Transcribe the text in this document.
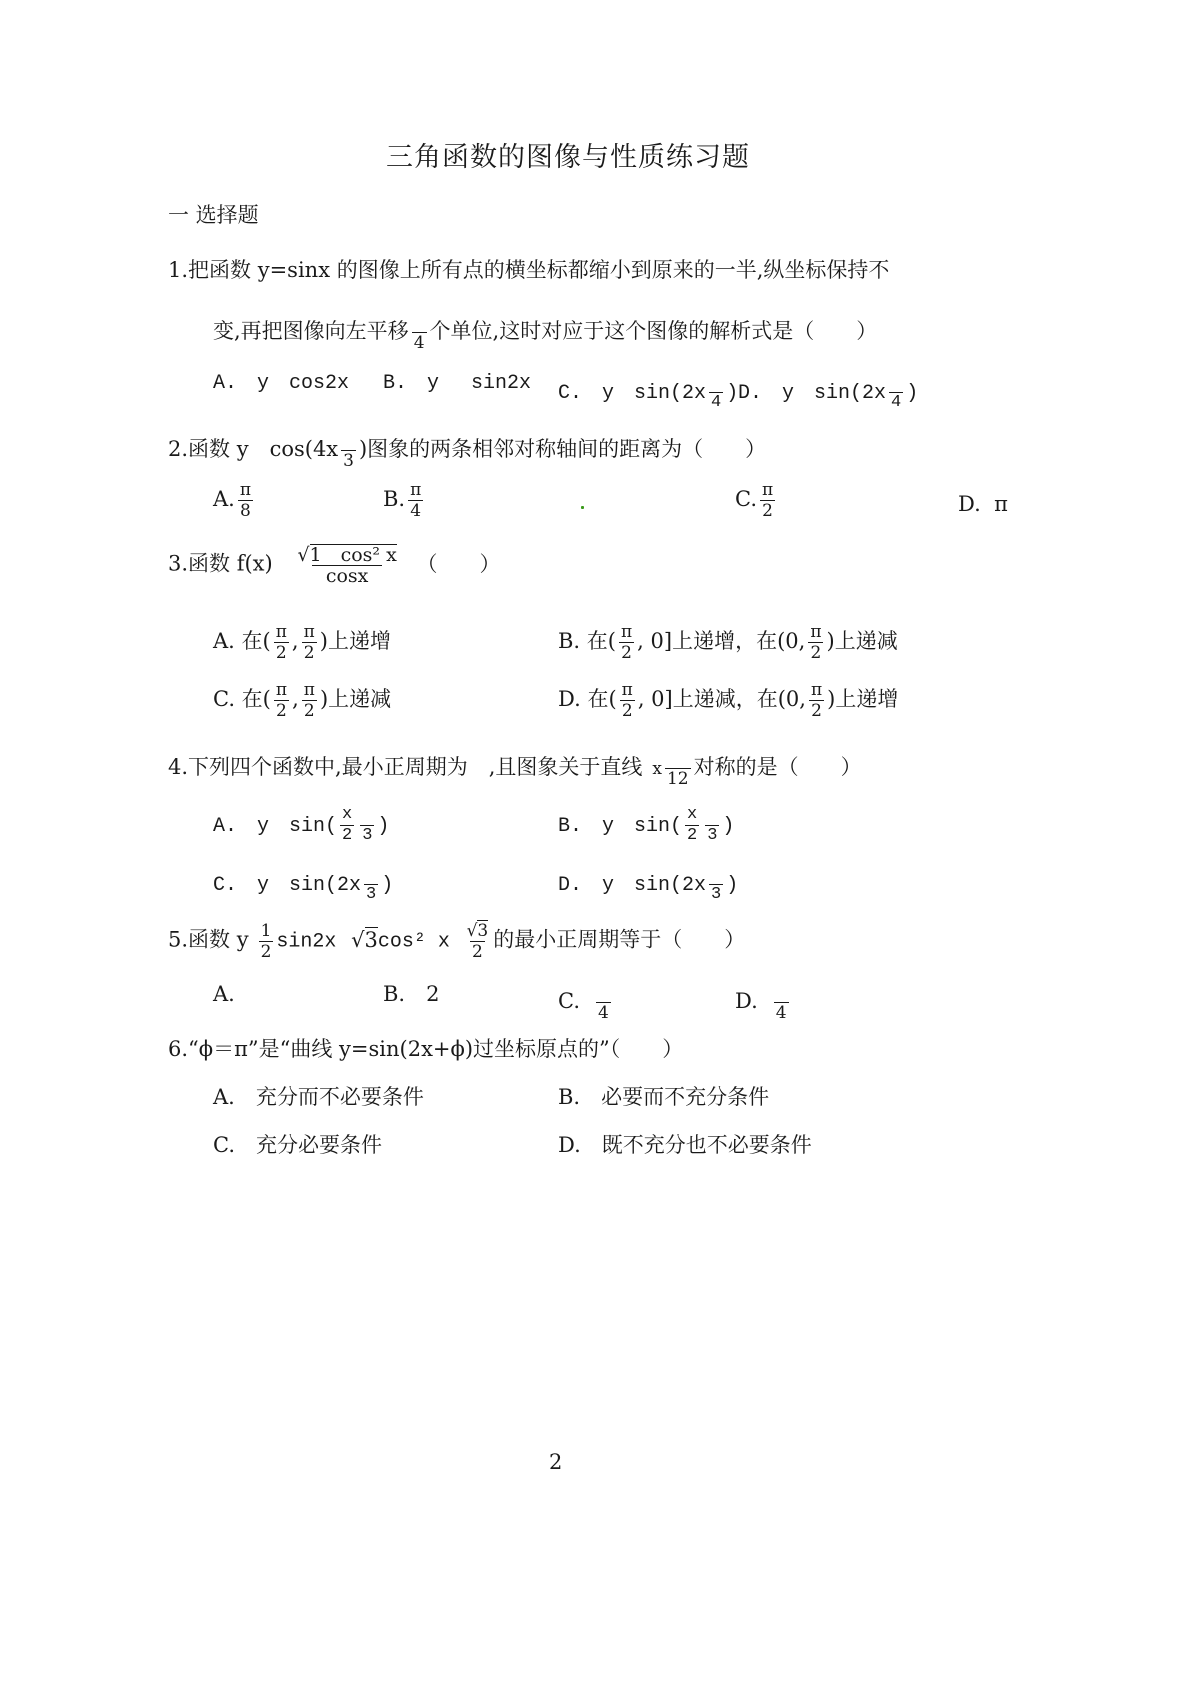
三角函数的图像与性质练习题
一 选择题
1.把函数 y=sinx 的图像上所有点的横坐标都缩小到原来的一半,纵坐标保持不
变,再把图像向左平移
4 个单位,这时对应于这个图像的解析式是（　　）
A.　y　cos2x B.　y　 sin2x C.　y　sin(2x
4 ) D.　y　sin(2x
4 )
2.函数 y　cos(4x
3 )图象的两条相邻对称轴间的距离为（　　）
A. $\frac{\pi}{8}$	B. $\frac{\pi}{4}$	C. $\frac{\pi}{2}$	D. π
3.函数 $f(x) \frac{\text{√1　cos² x}}{\cos x}$ （　　）
A. 在( $\frac{\pi}{2}$ , $\frac{\pi}{2}$ )上递增	B. 在( $\frac{\pi}{2}$ , 0]上递增，在(0, $\frac{\pi}{2}$ )上递减
C. 在( $\frac{\pi}{2}$ , $\frac{\pi}{2}$ )上递减	D. 在( $\frac{\pi}{2}$ , 0]上递减，在(0, $\frac{\pi}{2}$ )上递增
4.下列四个函数中,最小正周期为　,且图象关于直线 x
12 对称的是（　　）
A.　y　$\sin( \frac{x}{2}$
3 )	B.　y　$\sin( \frac{x}{2}$
3 )
C.　y　sin(2x
3 )	D.　y　sin(2x
3 )
5.函数 y $\frac{1}{2} \sin 2x$ √3cos² x $\frac{√3}{2}$ 的最小正周期等于（　　）
A.	B.　2	C.
4	D.
4
6.“ϕ＝π”是“曲线 y=sin(2x+ϕ)过坐标原点的”（　　）
A.　充分而不必要条件	B.　必要而不充分条件
C.　充分必要条件	D.　既不充分也不必要条件
2
